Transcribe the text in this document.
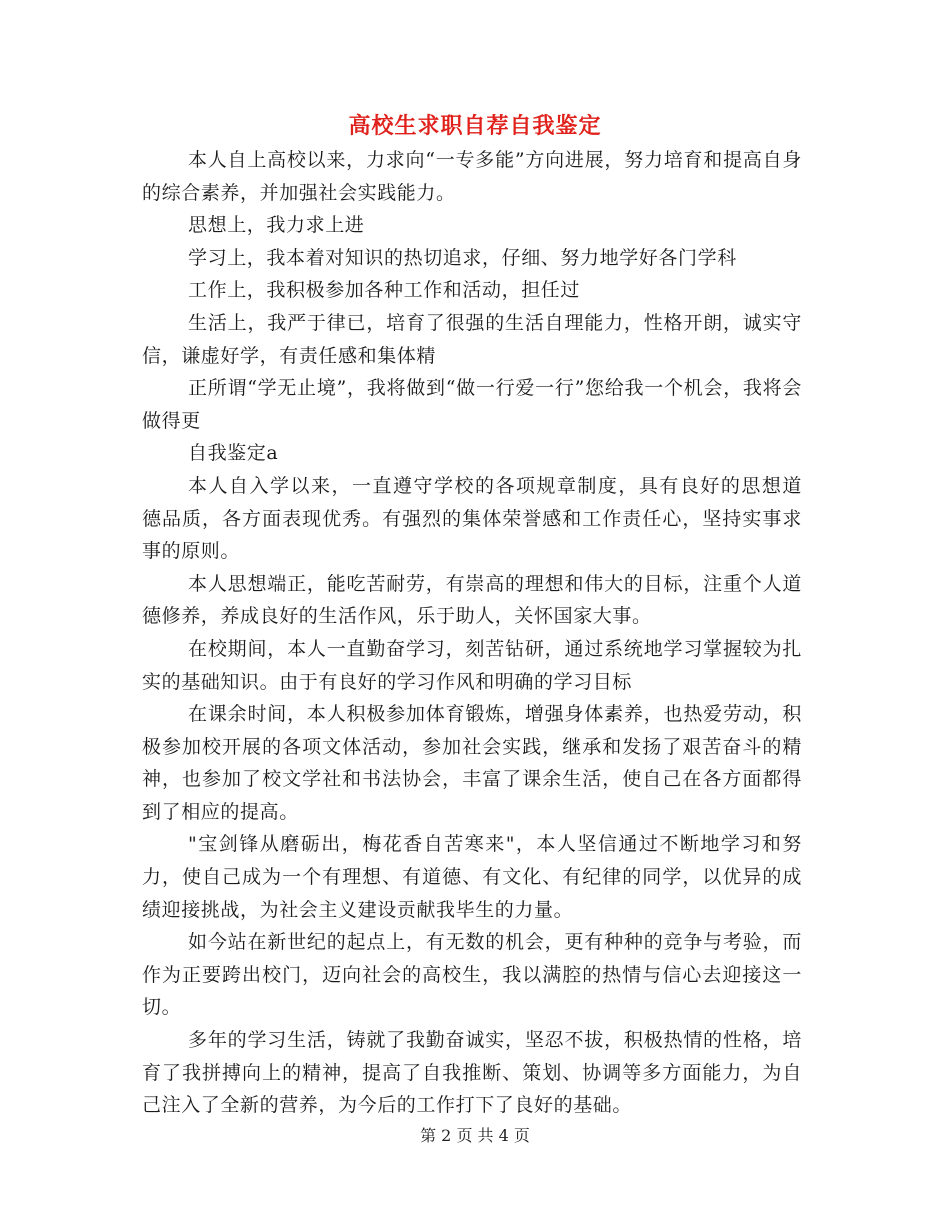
高校生求职自荐自我鉴定

本人自上高校以来，力求向“一专多能”方向进展，努力培育和提高自身的综合素养，并加强社会实践能力。

思想上，我力求上进

学习上，我本着对知识的热切追求，仔细、努力地学好各门学科

工作上，我积极参加各种工作和活动，担任过

生活上，我严于律已，培育了很强的生活自理能力，性格开朗，诚实守信，谦虚好学，有责任感和集体精

正所谓“学无止境”，我将做到“做一行爱一行”您给我一个机会，我将会做得更

自我鉴定a

本人自入学以来，一直遵守学校的各项规章制度，具有良好的思想道 德品质，各方面表现优秀。有强烈的集体荣誉感和工作责任心，坚持实事求事的原则。

本人思想端正，能吃苦耐劳，有崇高的理想和伟大的目标，注重个人道德修养，养成良好的生活作风，乐于助人，关怀国家大事。

在校期间，本人一直勤奋学习，刻苦钻研，通过系统地学习掌握较为扎实的基础知识。由于有良好的学习作风和明确的学习目标

在课余时间，本人积极参加体育锻炼，增强身体素养，也热爱劳动，积极参加校开展的各项文体活动，参加社会实践，继承和发扬了艰苦奋斗的精神，也参加了校文学社和书法协会，丰富了课余生活，使自己在各方面都得到了相应的提高。

"宝剑锋从磨砺出，梅花香自苦寒来"，本人坚信通过不断地学习和努力，使自己成为一个有理想、有道德、有文化、有纪律的同学，以优异的成绩迎接挑战，为社会主义建设贡献我毕生的力量。

如今站在新世纪的起点上，有无数的机会，更有种种的竞争与考验，而作为正要跨出校门，迈向社会的高校生，我以满腔的热情与信心去迎接这一切。

多年的学习生活，铸就了我勤奋诚实，坚忍不拔，积极热情的性格，培育了我拼搏向上的精神，提高了自我推断、策划、协调等多方面能力，为自己注入了全新的营养，为今后的工作打下了良好的基础。

第 2 页 共 4 页
